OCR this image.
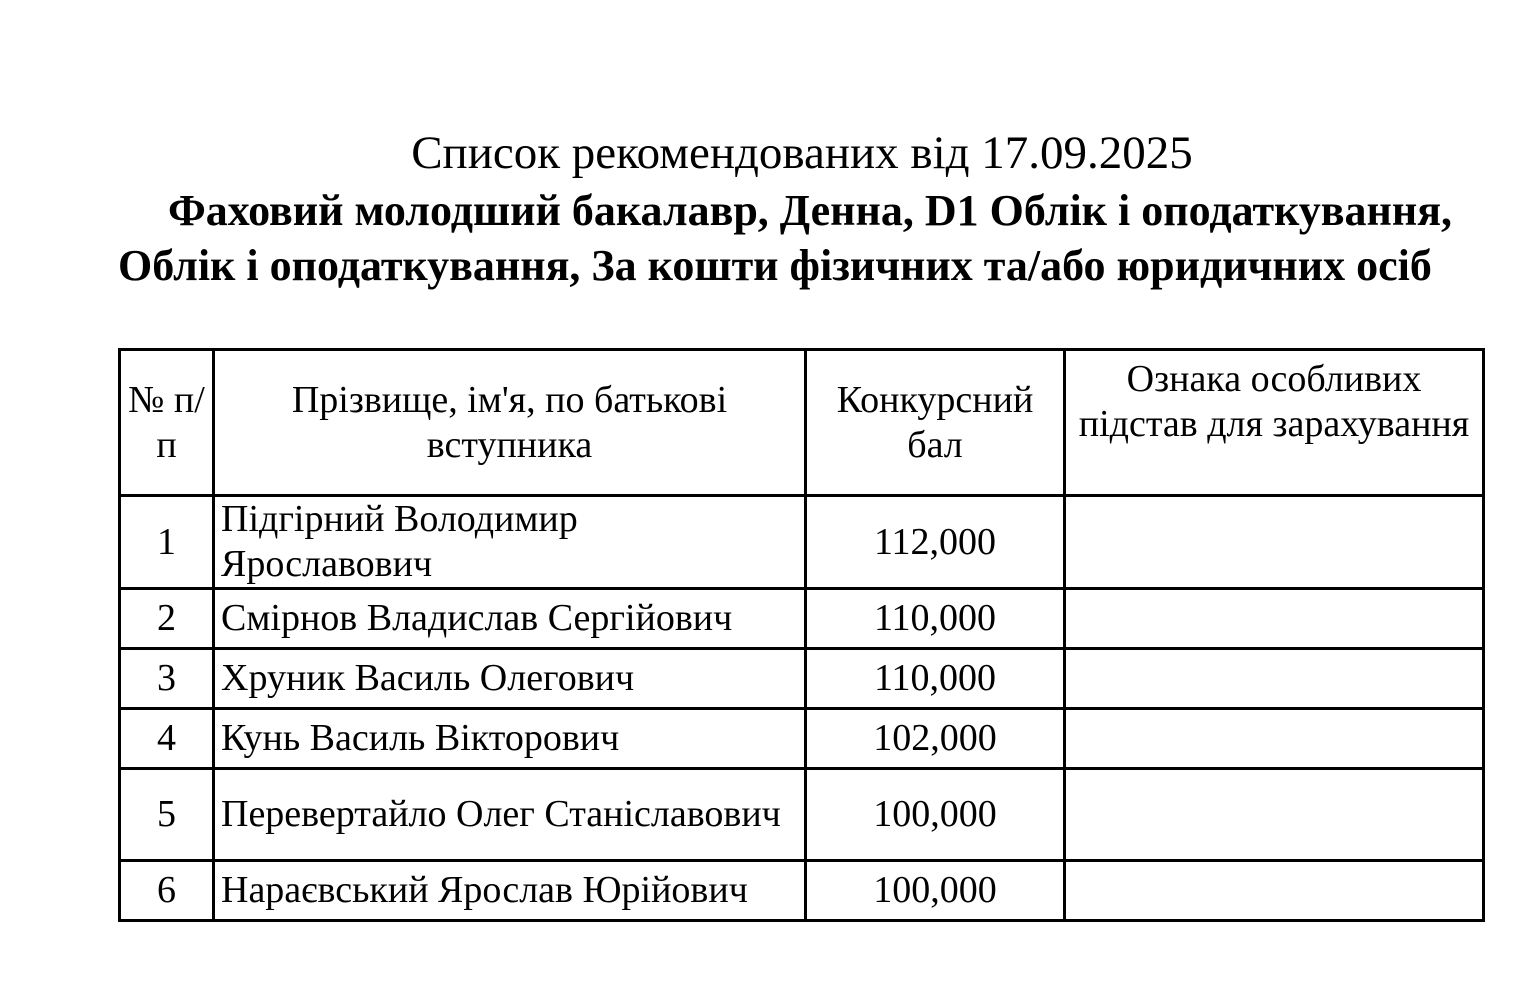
Список рекомендованих від 17.09.2025

Фаховий молодший бакалавр, Денна, D1 Облік і оподаткування, Облік і оподаткування, За кошти фізичних та/або юридичних осіб

№ п/п	Прізвище, ім'я, по батькові вступника	Конкурсний бал	Ознака особливих підстав для зарахування
1	Підгірний Володимир Ярославович	112,000	
2	Смірнов Владислав Сергійович	110,000	
3	Хруник Василь Олегович	110,000	
4	Кунь Василь Вікторович	102,000	
5	Перевертайло Олег Станіславович	100,000	
6	Нараєвський Ярослав Юрійович	100,000	
